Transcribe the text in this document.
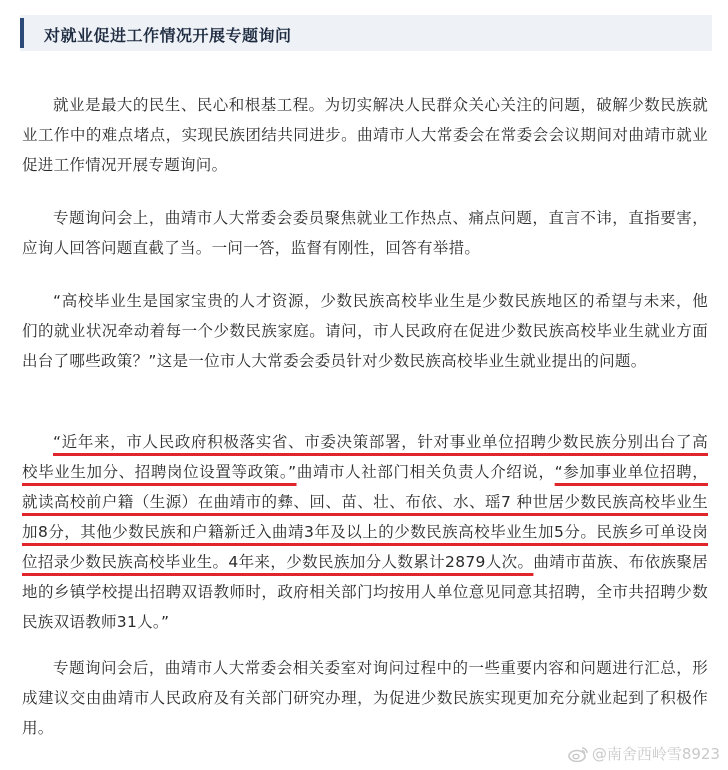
对就业促进工作情况开展专题询问

就业是最大的民生、民心和根基工程。为切实解决人民群众关心关注的问题，破解少数民族就业工作中的难点堵点，实现民族团结共同进步。曲靖市人大常委会在常委会会议期间对曲靖市就业促进工作情况开展专题询问。

专题询问会上，曲靖市人大常委会委员聚焦就业工作热点、痛点问题，直言不讳，直指要害，应询人回答问题直截了当。一问一答，监督有刚性，回答有举措。

“高校毕业生是国家宝贵的人才资源，少数民族高校毕业生是少数民族地区的希望与未来，他们的就业状况牵动着每一个少数民族家庭。请问，市人民政府在促进少数民族高校毕业生就业方面出台了哪些政策？”这是一位市人大常委会委员针对少数民族高校毕业生就业提出的问题。

“近年来，市人民政府积极落实省、市委决策部署，针对事业单位招聘少数民族分别出台了高校毕业生加分、招聘岗位设置等政策。”曲靖市人社部门相关负责人介绍说，“参加事业单位招聘，就读高校前户籍（生源）在曲靖市的彝、回、苗、壮、布依、水、瑶7 种世居少数民族高校毕业生加8分，其他少数民族和户籍新迁入曲靖3年及以上的少数民族高校毕业生加5分。民族乡可单设岗位招录少数民族高校毕业生。4年来，少数民族加分人数累计2879人次。曲靖市苗族、布依族聚居地的乡镇学校提出招聘双语教师时，政府相关部门均按用人单位意见同意其招聘，全市共招聘少数民族双语教师31人。”

专题询问会后，曲靖市人大常委会相关委室对询问过程中的一些重要内容和问题进行汇总，形成建议交由曲靖市人民政府及有关部门研究办理，为促进少数民族实现更加充分就业起到了积极作用。

@南舍西岭雪8923
